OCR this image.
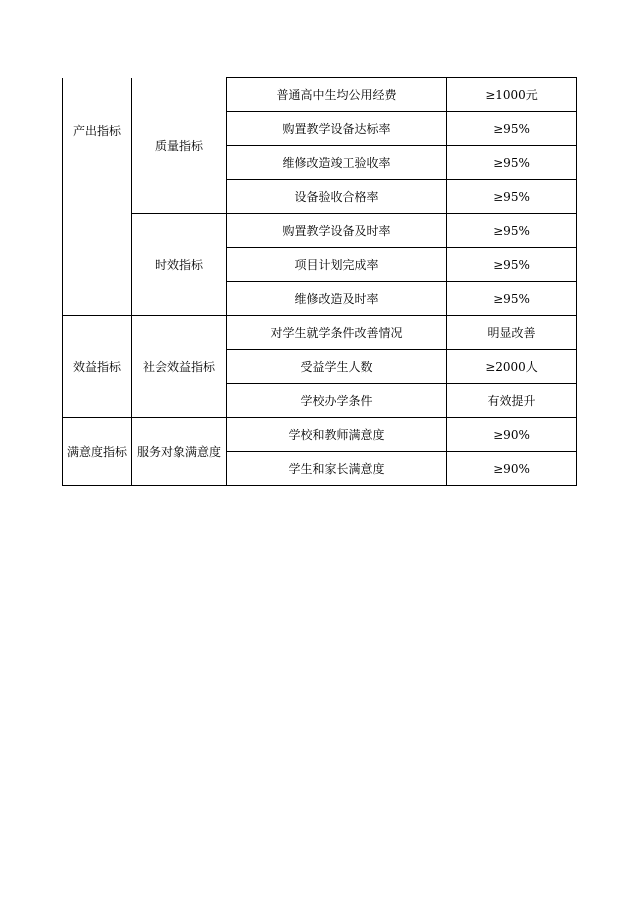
产出指标	质量指标	普通高中生均公用经费	≥1000元
		购置教学设备达标率	≥95%
		维修改造竣工验收率	≥95%
		设备验收合格率	≥95%
	时效指标	购置教学设备及时率	≥95%
		项目计划完成率	≥95%
		维修改造及时率	≥95%
效益指标	社会效益指标	对学生就学条件改善情况	明显改善
		受益学生人数	≥2000人
		学校办学条件	有效提升
满意度指标	服务对象满意度	学校和教师满意度	≥90%
		学生和家长满意度	≥90%
